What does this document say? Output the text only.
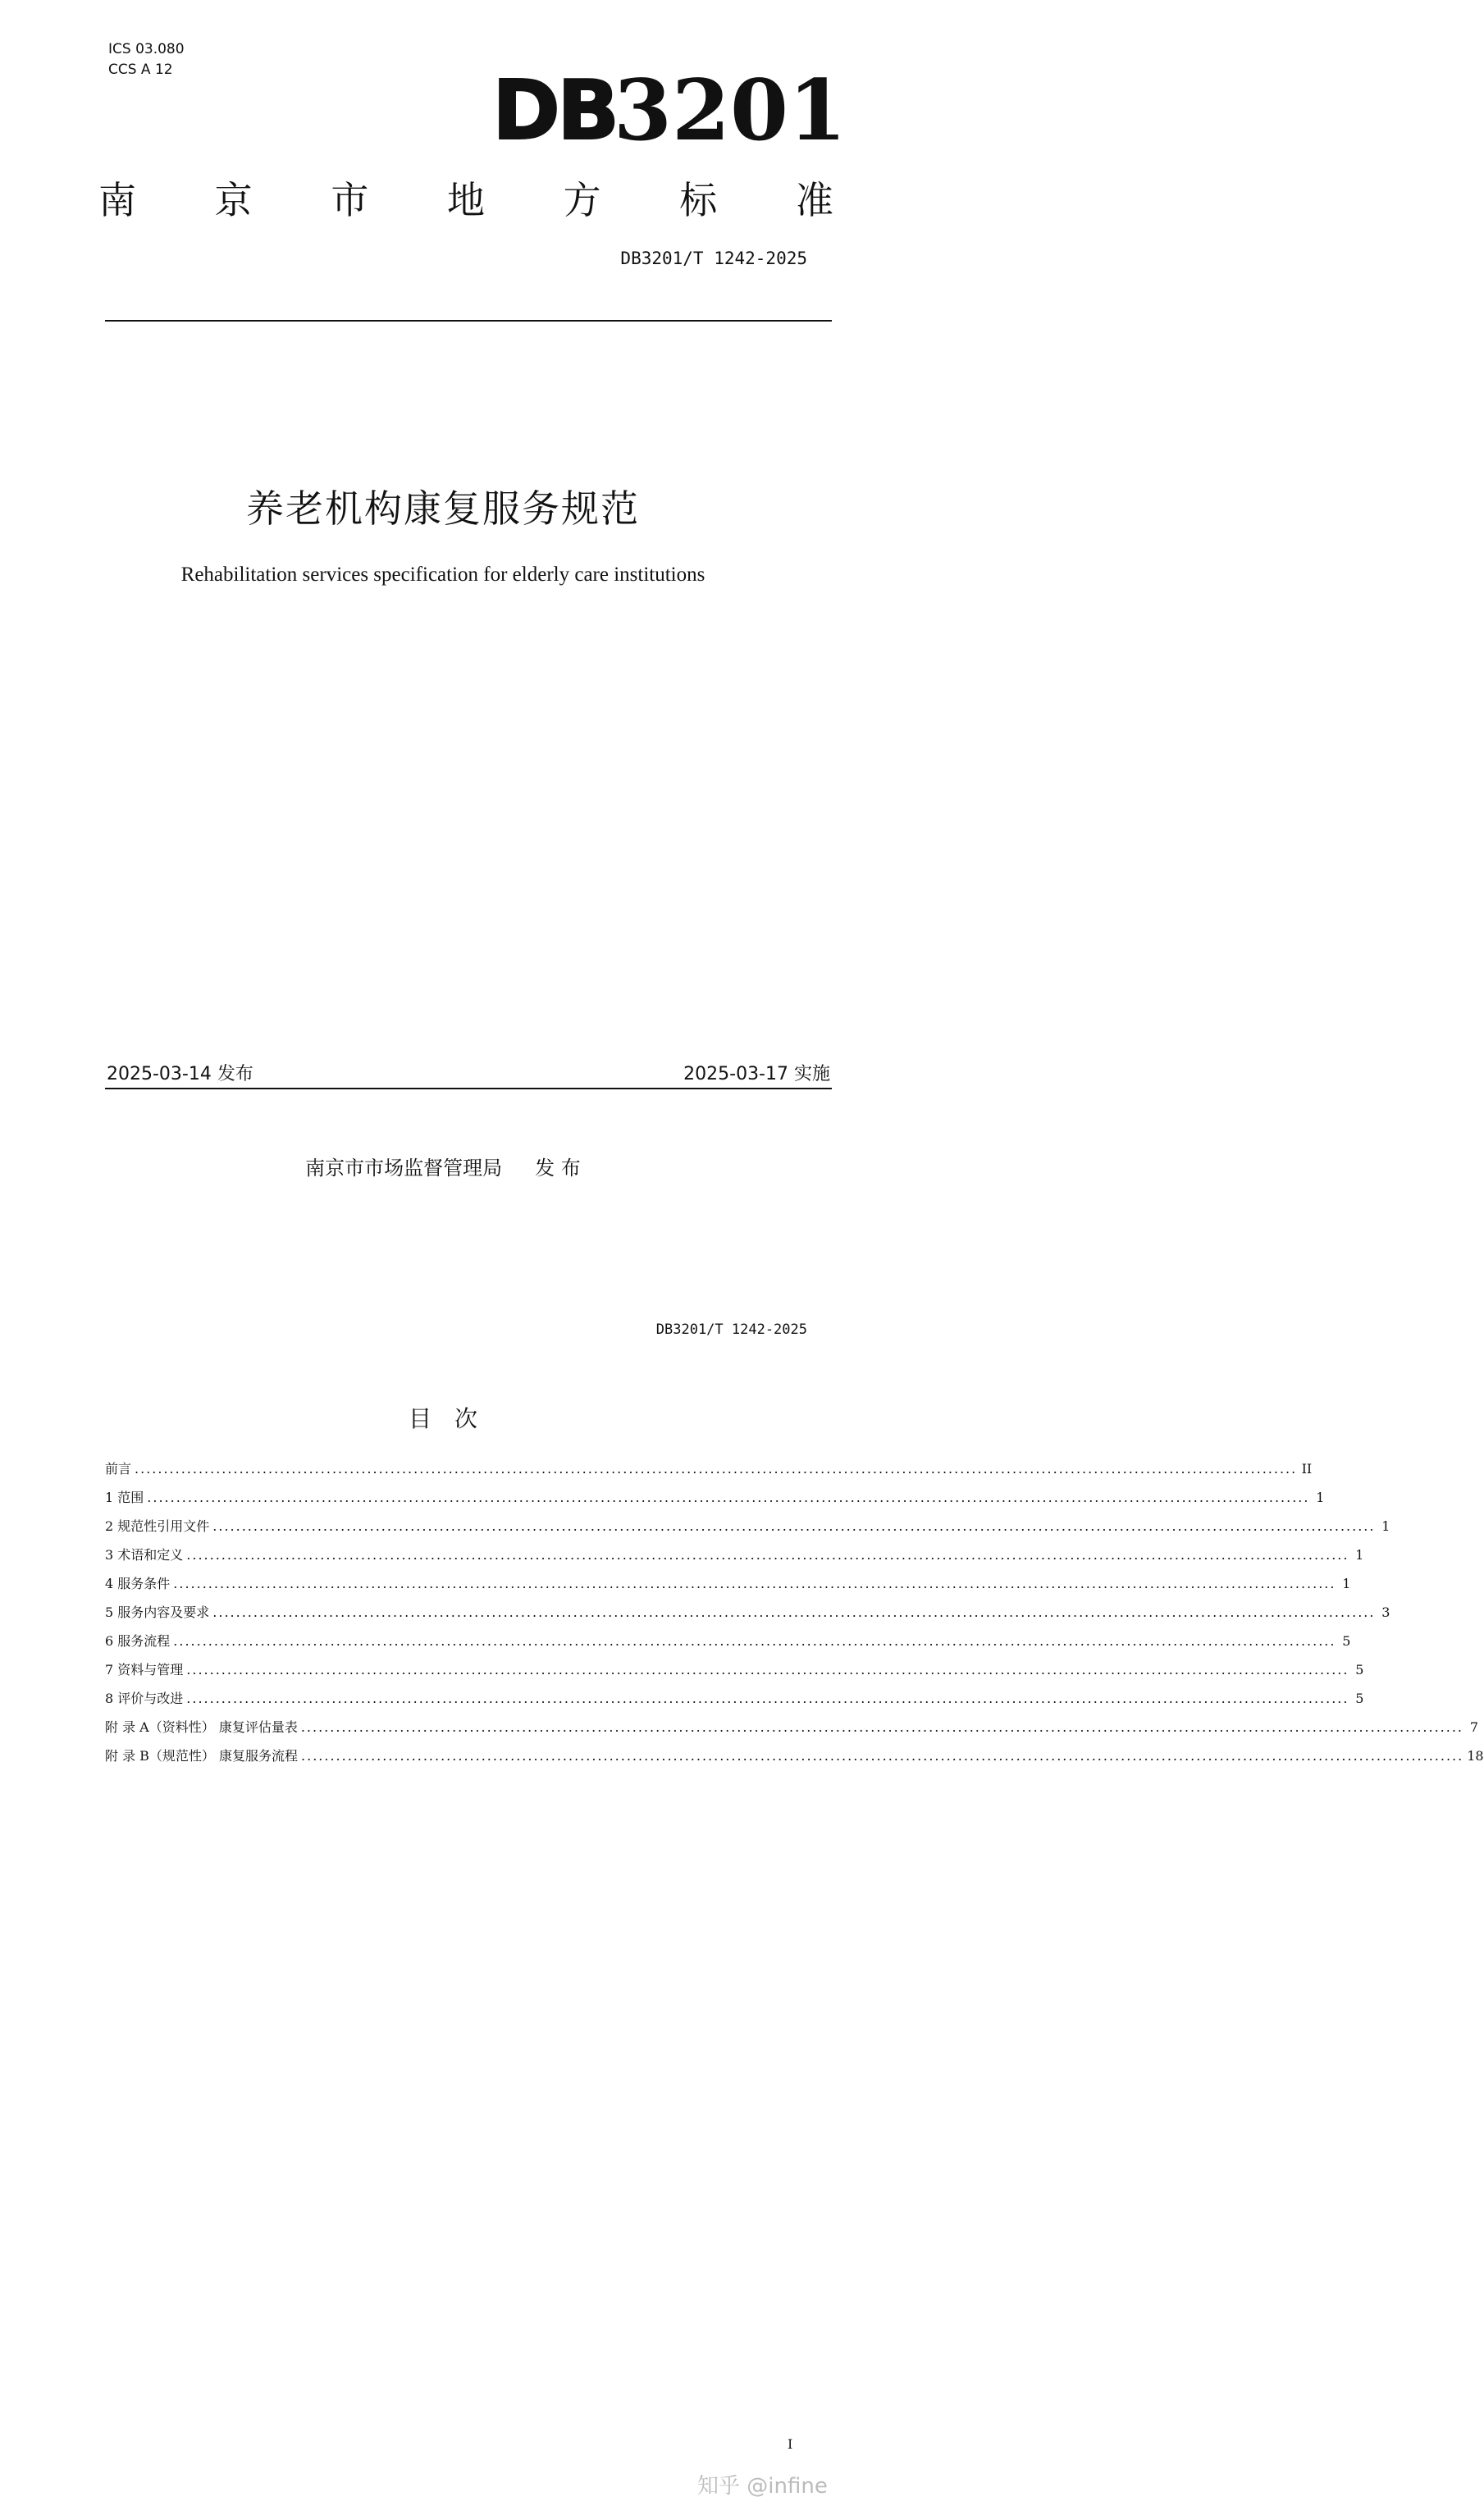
ICS 03.080
CCS A 12	DB
3201
南 京 市 地 方 标 准
DB3201/T 1242-2025
养老机构康复服务规范
Rehabilitation services specification for elderly care institutions
2025-03-14 发布	2025-03-17 实施
南京市市场监督管理局 发 布
DB3201/T 1242-2025
目　次
前言 ........................................................................................................................................................................................................ II
1 范围 ........................................................................................................................................................................................................ 1
2 规范性引用文件 ........................................................................................................................................................................................................ 1
3 术语和定义 ........................................................................................................................................................................................................ 1
4 服务条件 ........................................................................................................................................................................................................ 1
5 服务内容及要求 ........................................................................................................................................................................................................ 3
6 服务流程 ........................................................................................................................................................................................................ 5
7 资料与管理 ........................................................................................................................................................................................................ 5
8 评价与改进 ........................................................................................................................................................................................................ 5
附 录 A（资料性） 康复评估量表 ........................................................................................................................................................................................................ 7
附 录 B（规范性） 康复服务流程 ........................................................................................................................................................................................................ 18
I
知乎 @infine
